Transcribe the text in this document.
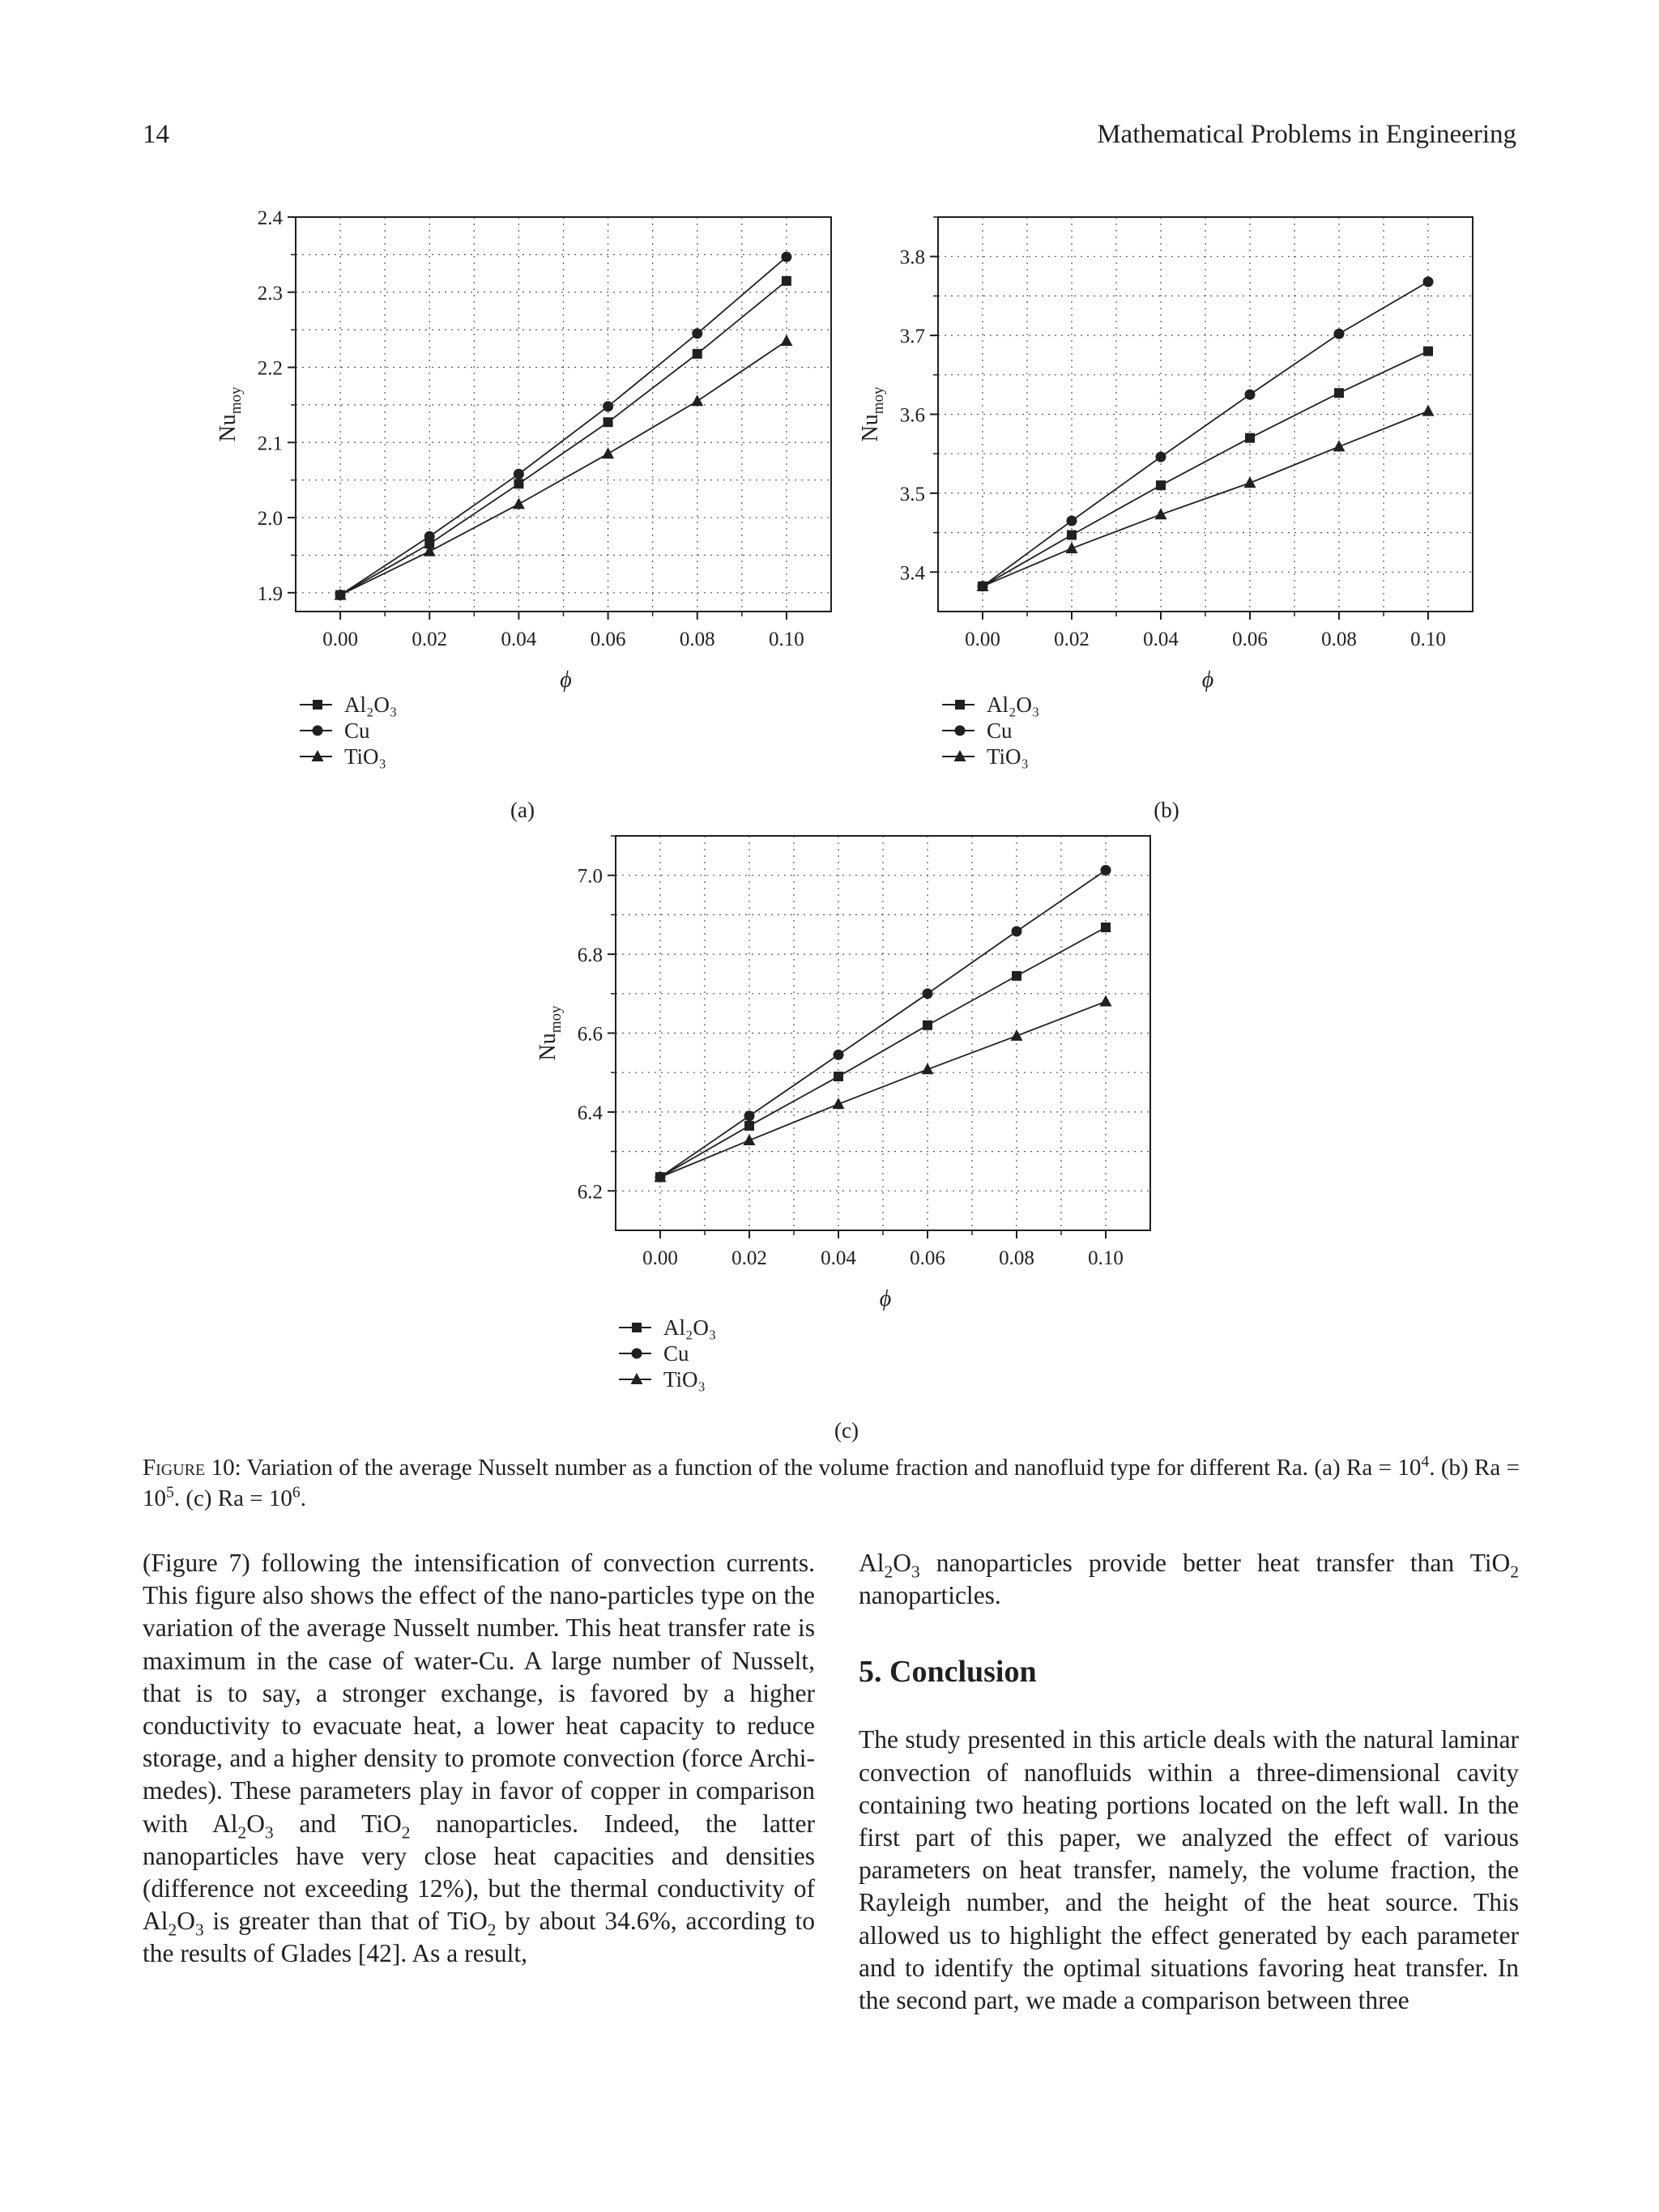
14	Mathematical Problems in Engineering
0.00	0.02	0.04	0.06	0.08	0.10
1.9
2.0
2.1
2.2
2.3
2.4
ϕ
$Nu_{moy}$
Al₂O₃
Cu
TiO₃
(a)
0.00	0.02	0.04	0.06	0.08	0.10
3.4
3.5
3.6
3.7
3.8
ϕ
$Nu_{moy}$
Al₂O₃
Cu
TiO₃
(b)
0.00	0.02	0.04	0.06	0.08	0.10
6.2
6.4
6.6
6.8
7.0
ϕ
$Nu_{moy}$
Al₂O₃
Cu
TiO₃
(c)
Figure 10: Variation of the average Nusselt number as a function of the volume fraction and nanofluid type for different Ra. (a) $Ra = 10^4$. (b) $Ra = 10^5$. (c) $Ra = 10^6$.

(Figure 7) following the intensification of convection currents. This figure also shows the effect of the nano-particles type on the variation of the average Nusselt number. This heat transfer rate is maximum in the case of water-Cu. A large number of Nusselt, that is to say, a stronger exchange, is favored by a higher conductivity to evacuate heat, a lower heat capacity to reduce storage, and a higher density to promote convection (force Archi-medes). These parameters play in favor of copper in comparison with $Al_2O_3$ and TiO$_2$ nanoparticles. Indeed, the latter nanoparticles have very close heat capacities and densities (difference not exceeding 12%), but the thermal conductivity of $Al_2O_3$ is greater than that of TiO$_2$ by about 34.6%, according to the results of Glades [42]. As a result,

$Al_2O_3$ nanoparticles provide better heat transfer than TiO$_2$ nanoparticles.

5. Conclusion

The study presented in this article deals with the natural laminar convection of nanofluids within a three-dimensional cavity containing two heating portions located on the left wall. In the first part of this paper, we analyzed the effect of various parameters on heat transfer, namely, the volume fraction, the Rayleigh number, and the height of the heat source. This allowed us to highlight the effect generated by each parameter and to identify the optimal situations favoring heat transfer. In the second part, we made a comparison between three
